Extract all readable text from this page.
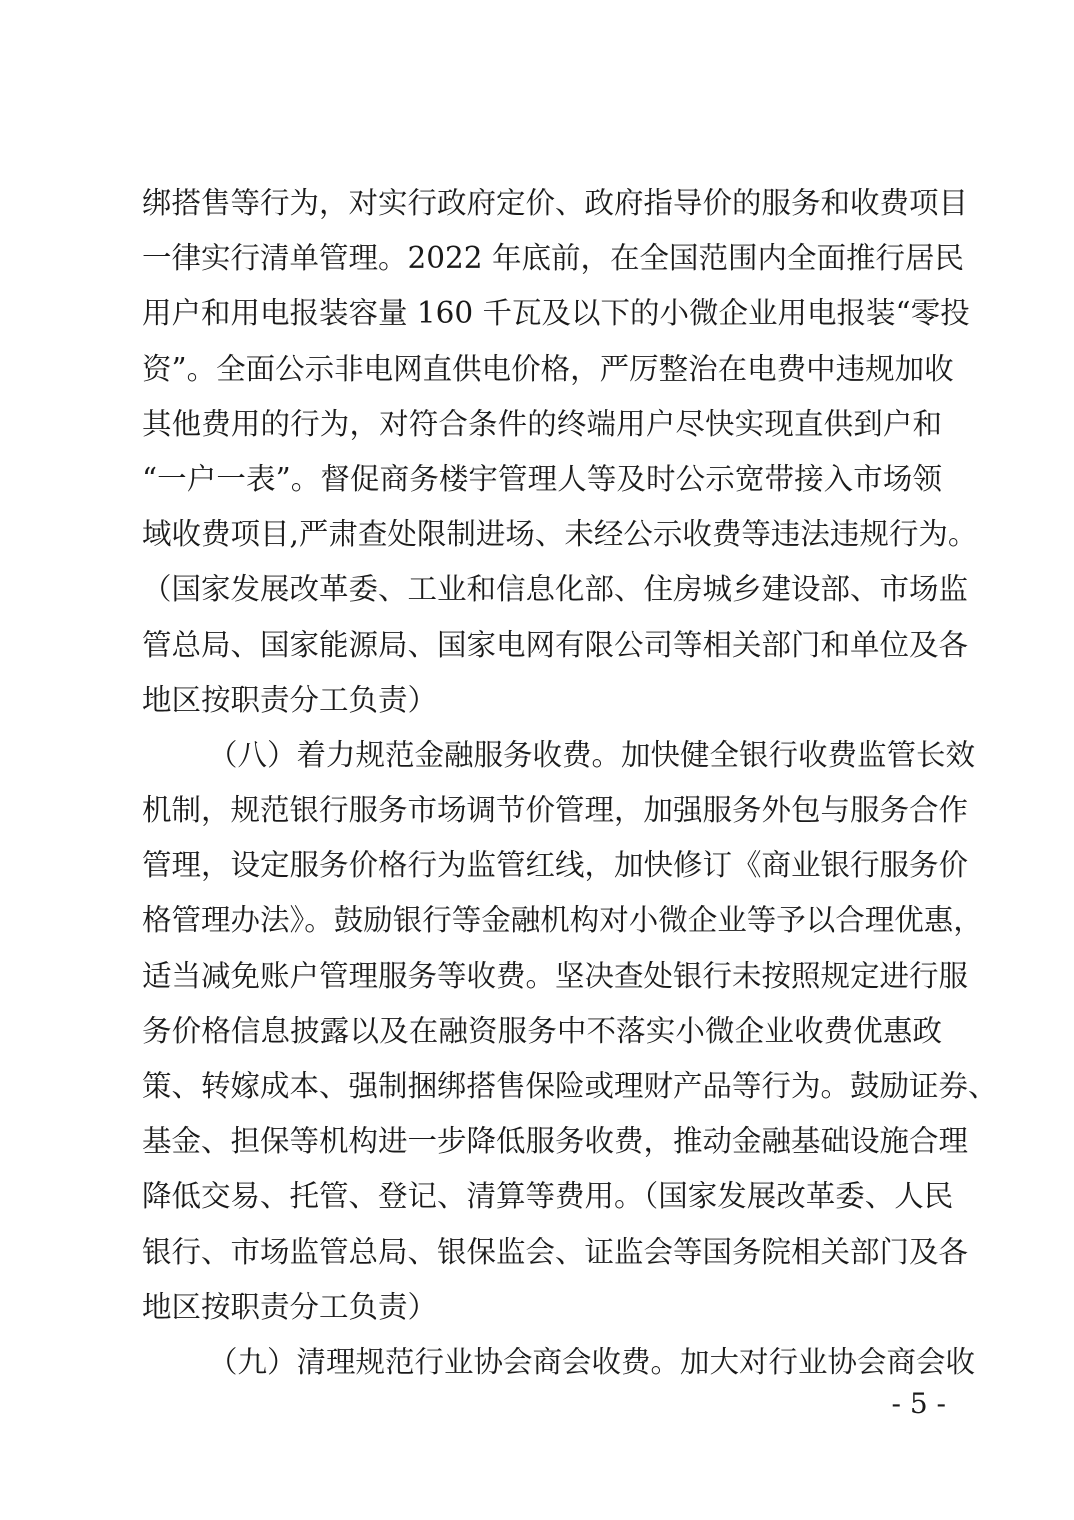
绑搭售等行为，对实行政府定价、政府指导价的服务和收费项目
一律实行清单管理。2022 年底前，在全国范围内全面推行居民
用户和用电报装容量 160 千瓦及以下的小微企业用电报装“零投
资”。全面公示非电网直供电价格，严厉整治在电费中违规加收
其他费用的行为，对符合条件的终端用户尽快实现直供到户和
“一户一表”。督促商务楼宇管理人等及时公示宽带接入市场领
域收费项目,严肃查处限制进场、未经公示收费等违法违规行为。
（国家发展改革委、工业和信息化部、住房城乡建设部、市场监
管总局、国家能源局、国家电网有限公司等相关部门和单位及各
地区按职责分工负责）
（八）着力规范金融服务收费。加快健全银行收费监管长效
机制，规范银行服务市场调节价管理，加强服务外包与服务合作
管理，设定服务价格行为监管红线，加快修订《商业银行服务价
格管理办法》。鼓励银行等金融机构对小微企业等予以合理优惠，
适当减免账户管理服务等收费。坚决查处银行未按照规定进行服
务价格信息披露以及在融资服务中不落实小微企业收费优惠政
策、转嫁成本、强制捆绑搭售保险或理财产品等行为。鼓励证券、
基金、担保等机构进一步降低服务收费，推动金融基础设施合理
降低交易、托管、登记、清算等费用。（国家发展改革委、人民
银行、市场监管总局、银保监会、证监会等国务院相关部门及各
地区按职责分工负责）
（九）清理规范行业协会商会收费。加大对行业协会商会收
- 5 -
